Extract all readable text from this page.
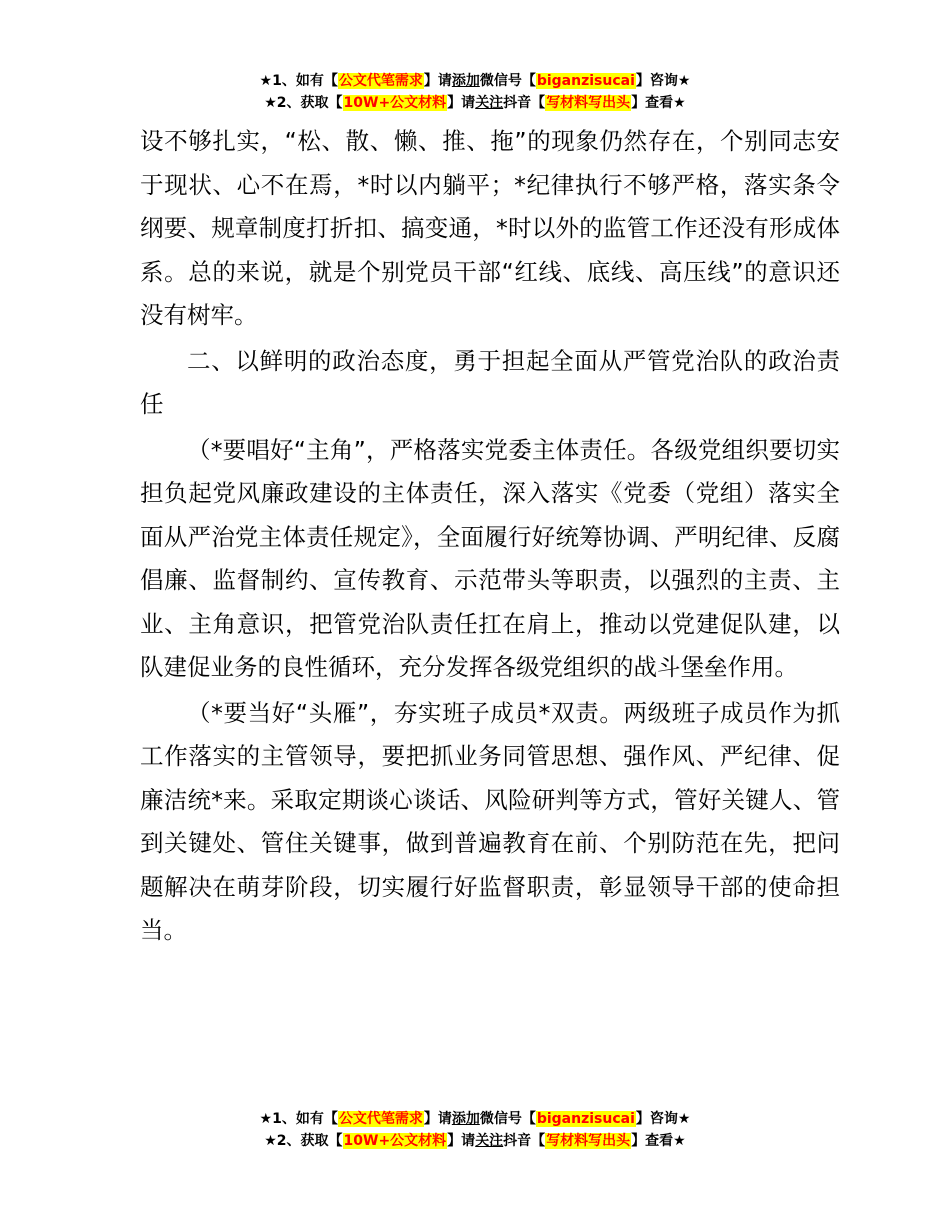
★1、如有【公文代笔需求】请添加微信号【biganzisucai】咨询★
★2、获取【10W+公文材料】请关注抖音【写材料写出头】查看★

设不够扎实，“松、散、懒、推、拖”的现象仍然存在，个别同志安于现状、心不在焉，*时以内躺平；*纪律执行不够严格，落实条令纲要、规章制度打折扣、搞变通，*时以外的监管工作还没有形成体系。总的来说，就是个别党员干部“红线、底线、高压线”的意识还没有树牢。

二、以鲜明的政治态度，勇于担起全面从严管党治队的政治责任

（*要唱好“主角”，严格落实党委主体责任。各级党组织要切实担负起党风廉政建设的主体责任，深入落实《党委（党组）落实全面从严治党主体责任规定》，全面履行好统筹协调、严明纪律、反腐倡廉、监督制约、宣传教育、示范带头等职责，以强烈的主责、主业、主角意识，把管党治队责任扛在肩上，推动以党建促队建，以队建促业务的良性循环，充分发挥各级党组织的战斗堡垒作用。

（*要当好“头雁”，夯实班子成员*双责。两级班子成员作为抓工作落实的主管领导，要把抓业务同管思想、强作风、严纪律、促廉洁统*来。采取定期谈心谈话、风险研判等方式，管好关键人、管到关键处、管住关键事，做到普遍教育在前、个别防范在先，把问题解决在萌芽阶段，切实履行好监督职责，彰显领导干部的使命担当。

★1、如有【公文代笔需求】请添加微信号【biganzisucai】咨询★
★2、获取【10W+公文材料】请关注抖音【写材料写出头】查看★
